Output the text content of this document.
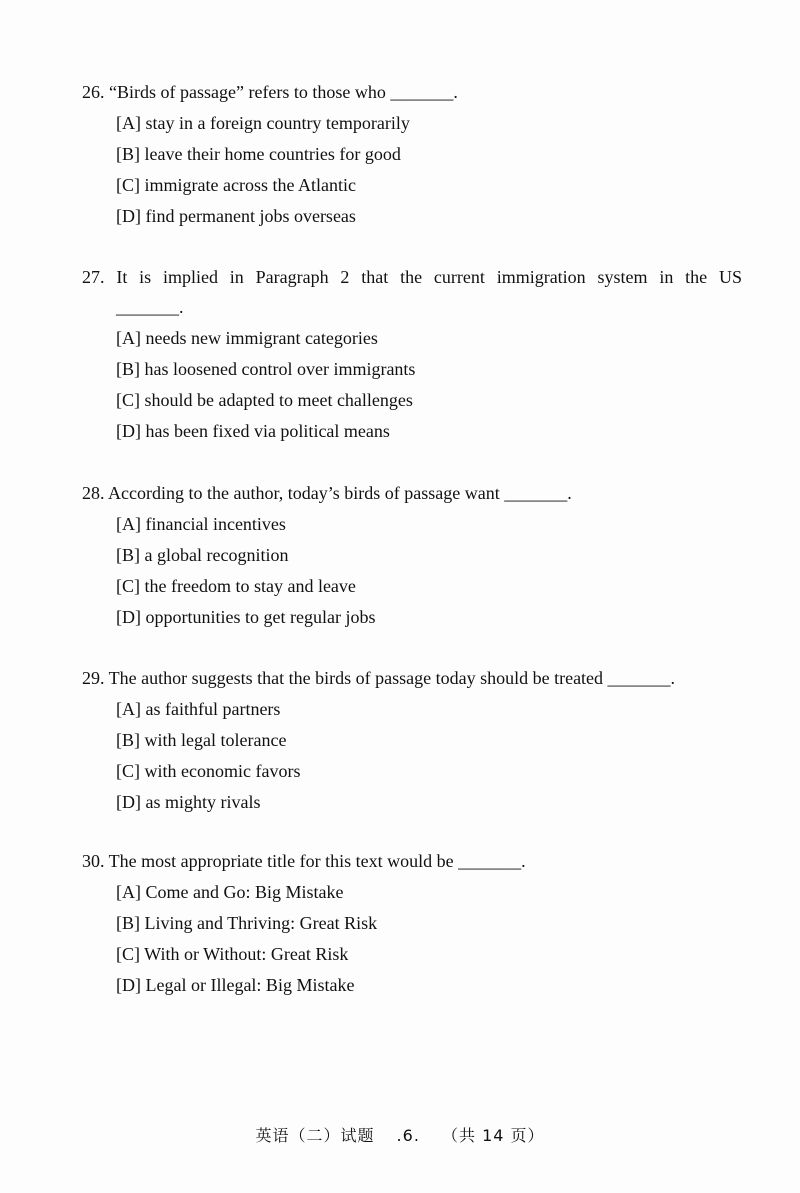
26. “Birds of passage” refers to those who _______.
[A] stay in a foreign country temporarily
[B] leave their home countries for good
[C] immigrate across the Atlantic
[D] find permanent jobs overseas
27. It is implied in Paragraph 2 that the current immigration system in the US
_______.
[A] needs new immigrant categories
[B] has loosened control over immigrants
[C] should be adapted to meet challenges
[D] has been fixed via political means
28. According to the author, today’s birds of passage want _______.
[A] financial incentives
[B] a global recognition
[C] the freedom to stay and leave
[D] opportunities to get regular jobs
29. The author suggests that the birds of passage today should be treated _______.
[A] as faithful partners
[B] with legal tolerance
[C] with economic favors
[D] as mighty rivals
30. The most appropriate title for this text would be _______.
[A] Come and Go: Big Mistake
[B] Living and Thriving: Great Risk
[C] With or Without: Great Risk
[D] Legal or Illegal: Big Mistake
英语（二）试题 .6. （共 14 页）
